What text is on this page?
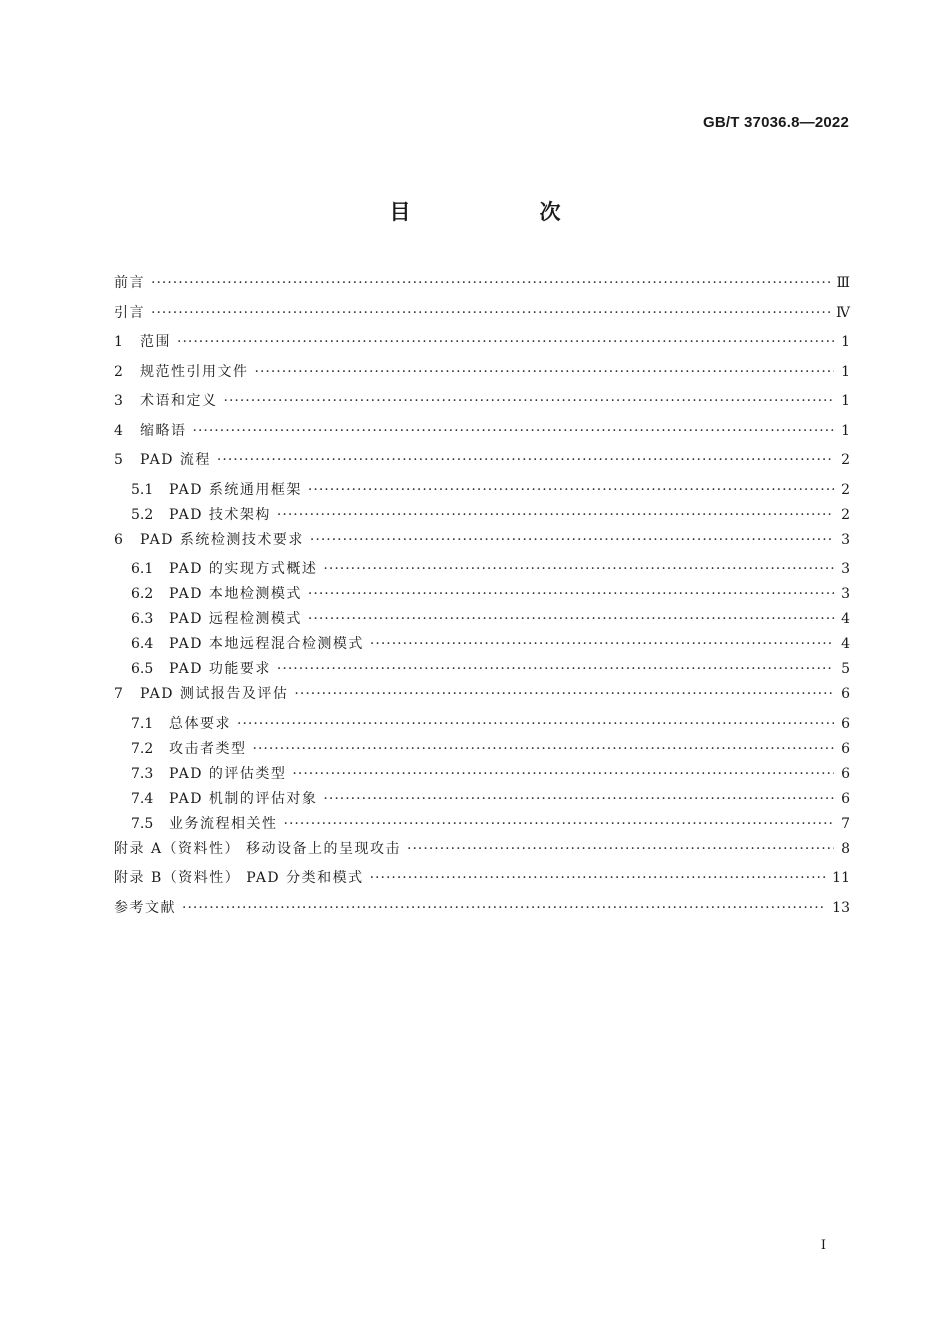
GB/T 37036.8—2022
目　次
前言 ·····	Ⅲ
引言 ·····	Ⅳ
1	范围 ·····	1
2	规范性引用文件 ·····	1
3	术语和定义 ·····	1
4	缩略语 ·····	1
5	PAD 流程 ·····	2
5.1	PAD 系统通用框架 ·····	2
5.2	PAD 技术架构 ·····	2
6	PAD 系统检测技术要求 ·····	3
6.1	PAD 的实现方式概述 ·····	3
6.2	PAD 本地检测模式 ·····	3
6.3	PAD 远程检测模式 ·····	4
6.4	PAD 本地远程混合检测模式 ·····	4
6.5	PAD 功能要求 ·····	5
7	PAD 测试报告及评估 ·····	6
7.1	总体要求 ·····	6
7.2	攻击者类型 ·····	6
7.3	PAD 的评估类型 ·····	6
7.4	PAD 机制的评估对象 ·····	6
7.5	业务流程相关性 ·····	7
附录 A（资料性） 移动设备上的呈现攻击 ·····	8
附录 B（资料性） PAD 分类和模式 ·····	11
参考文献 ·····	13
Ⅰ
